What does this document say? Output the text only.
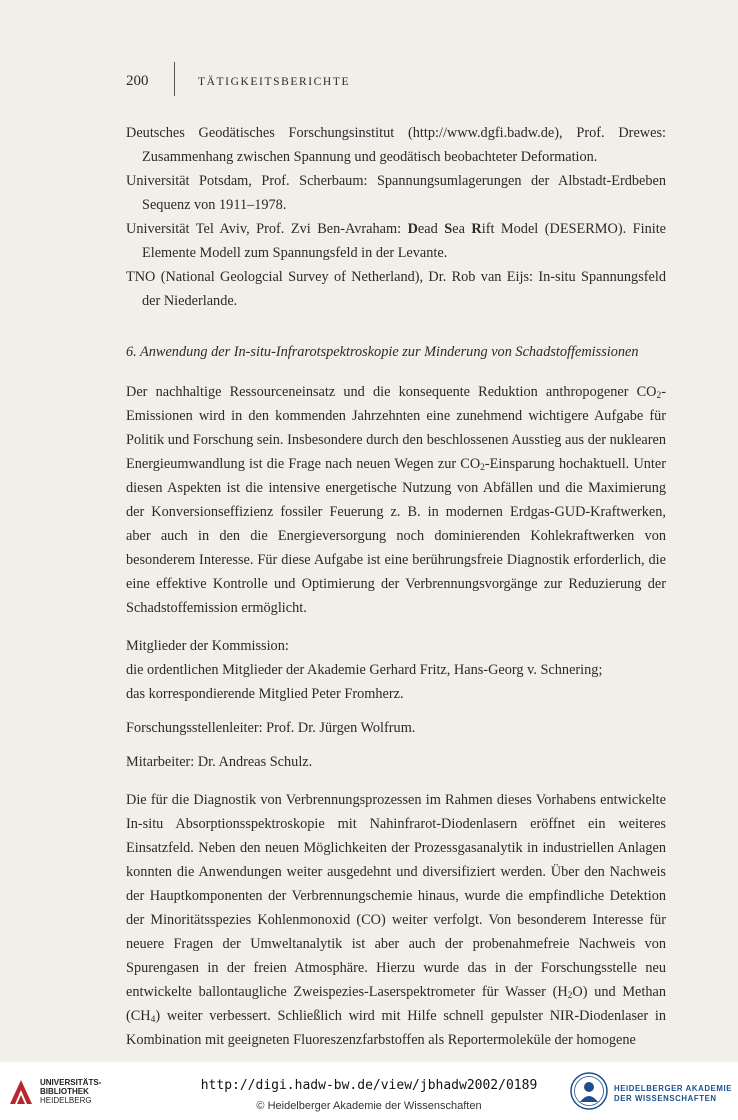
200	TÄTIGKEITSBERICHTE

Deutsches Geodätisches Forschungsinstitut (http://www.dgfi.badw.de), Prof. Drewes: Zusammenhang zwischen Spannung und geodätisch beobachteter Deformation.

Universität Potsdam, Prof. Scherbaum: Spannungsumlagerungen der Albstadt-Erdbeben Sequenz von 1911–1978.

Universität Tel Aviv, Prof. Zvi Ben-Avraham: Dead Sea Rift Model (DESERMO). Finite Elemente Modell zum Spannungsfeld in der Levante.

TNO (National Geologcial Survey of Netherland), Dr. Rob van Eijs: In-situ Spannungsfeld der Niederlande.

6. Anwendung der In-situ-Infrarotspektroskopie zur Minderung von Schadstoffemissionen

Der nachhaltige Ressourceneinsatz und die konsequente Reduktion anthropogener $CO_2$-Emissionen wird in den kommenden Jahrzehnten eine zunehmend wichtigere Aufgabe für Politik und Forschung sein. Insbesondere durch den beschlossenen Ausstieg aus der nuklearen Energieumwandlung ist die Frage nach neuen Wegen zur $CO_2$-Einsparung hochaktuell. Unter diesen Aspekten ist die intensive energetische Nutzung von Abfällen und die Maximierung der Konversionseffizienz fossiler Feuerung z. B. in modernen Erdgas-GUD-Kraftwerken, aber auch in den die Energieversorgung noch dominierenden Kohlekraftwerken von besonderem Interesse. Für diese Aufgabe ist eine berührungsfreie Diagnostik erforderlich, die eine effektive Kontrolle und Optimierung der Verbrennungsvorgänge zur Reduzierung der Schadstoffemission ermöglicht.

Mitglieder der Kommission:
die ordentlichen Mitglieder der Akademie Gerhard Fritz, Hans-Georg v. Schnering;
das korrespondierende Mitglied Peter Fromherz.
Forschungsstellenleiter: Prof. Dr. Jürgen Wolfrum.
Mitarbeiter: Dr. Andreas Schulz.

Die für die Diagnostik von Verbrennungsprozessen im Rahmen dieses Vorhabens entwickelte In-situ Absorptionsspektroskopie mit Nahinfrarot-Diodenlasern eröffnet ein weiteres Einsatzfeld. Neben den neuen Möglichkeiten der Prozessgasanalytik in industriellen Anlagen konnten die Anwendungen weiter ausgedehnt und diversifiziert werden. Über den Nachweis der Hauptkomponenten der Verbrennungschemie hinaus, wurde die empfindliche Detektion der Minoritätsspezies Kohlenmonoxid (CO) weiter verfolgt. Von besonderem Interesse für neuere Fragen der Umweltanalytik ist aber auch der probenahmefreie Nachweis von Spurengasen in der freien Atmosphäre. Hierzu wurde das in der Forschungsstelle neu entwickelte ballontaugliche Zweispezies-Laserspektrometer für Wasser $(H_2O)$ und Methan $(CH_4)$ weiter verbessert. Schließlich wird mit Hilfe schnell gepulster NIR-Diodenlaser in Kombination mit geeigneten Fluoreszenzfarbstoffen als Reportermoleküle der homogene

UNIVERSITÄTS-
BIBLIOTHEK
HEIDELBERG
http://digi.hadw-bw.de/view/jbhadw2002/0189
© Heidelberger Akademie der Wissenschaften
HEIDELBERGER AKADEMIE
DER WISSENSCHAFTEN
